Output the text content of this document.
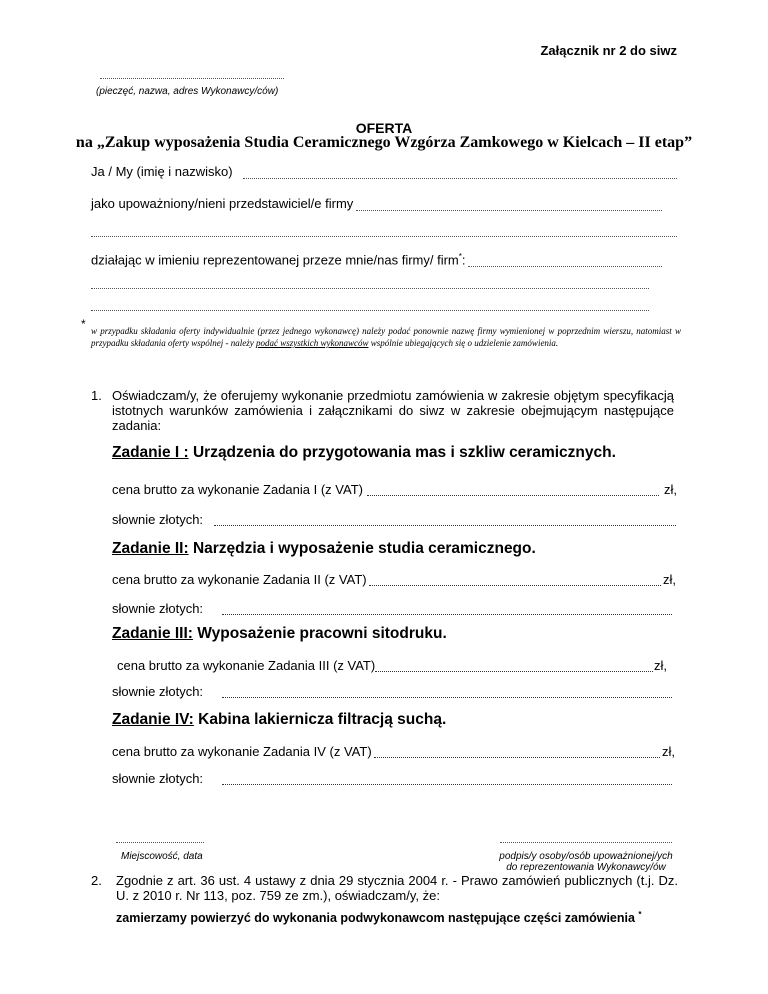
Załącznik nr 2 do siwz
(pieczęć, nazwa, adres Wykonawcy/ców)
OFERTA
na „Zakup wyposażenia Studia Ceramicznego Wzgórza Zamkowego w Kielcach – II etap”
Ja / My (imię i nazwisko)
jako upoważniony/nieni przedstawiciel/e firmy
działając w imieniu reprezentowanej przeze mnie/nas firmy/ firm*:
* w przypadku składania oferty indywidualnie (przez jednego wykonawcę) należy podać ponownie nazwę firmy wymienionej w poprzednim wierszu, natomiast w przypadku składania oferty wspólnej - należy podać wszystkich wykonawców wspólnie ubiegających się o udzielenie zamówienia.
1. Oświadczam/y, że oferujemy wykonanie przedmiotu zamówienia w zakresie objętym specyfikacją istotnych warunków zamówienia i załącznikami do siwz w zakresie obejmującym następujące zadania:
Zadanie I : Urządzenia do przygotowania mas i szkliw ceramicznych.
cena brutto za wykonanie Zadania I (z VAT)	zł,
słownie złotych:
Zadanie II: Narzędzia i wyposażenie studia ceramicznego.
cena brutto za wykonanie Zadania II (z VAT)	zł,
słownie złotych:
Zadanie III: Wyposażenie pracowni sitodruku.
cena brutto za wykonanie Zadania III (z VAT)	zł,
słownie złotych:
Zadanie IV: Kabina lakiernicza filtracją suchą.
cena brutto za wykonanie Zadania IV (z VAT)	zł,
słownie złotych:
Miejscowość, data	podpis/y osoby/osób upoważnionej/ych
do reprezentowania Wykonawcy/ów
2. Zgodnie z art. 36 ust. 4 ustawy z dnia 29 stycznia 2004 r. - Prawo zamówień publicznych (t.j. Dz. U. z 2010 r. Nr 113, poz. 759 ze zm.), oświadczam/y, że:
zamierzamy powierzyć do wykonania podwykonawcom następujące części zamówienia *
